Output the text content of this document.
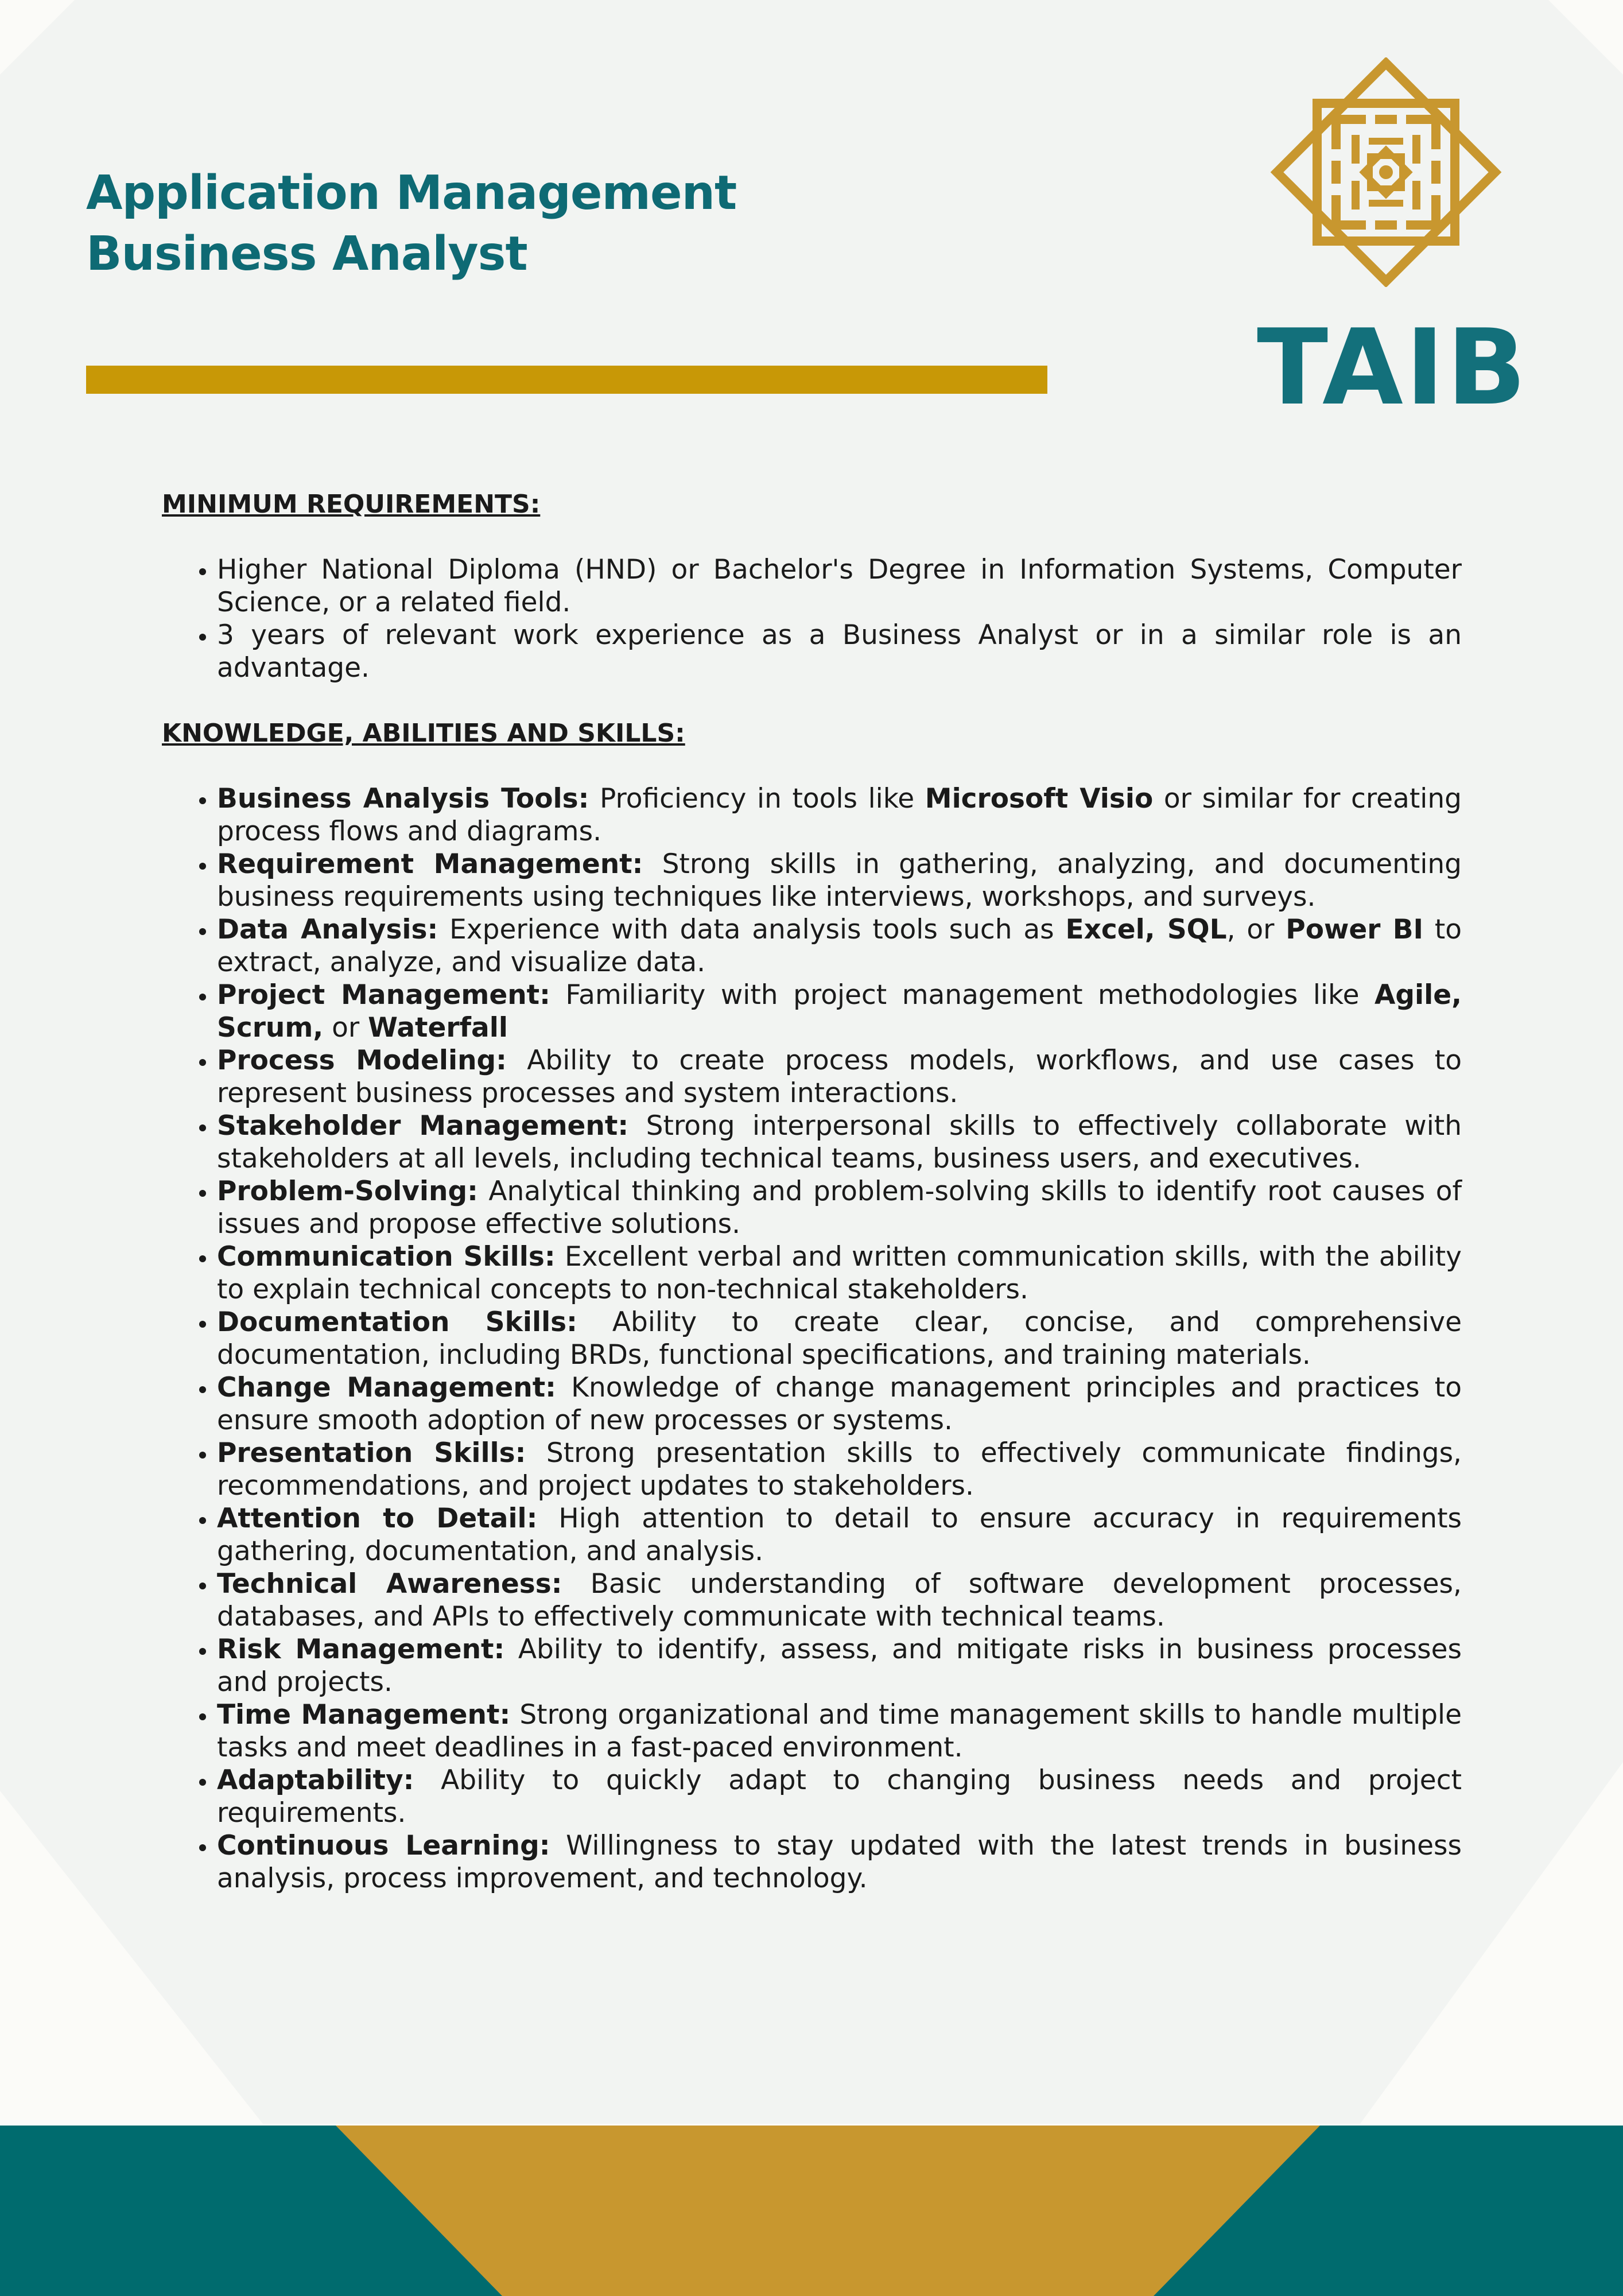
Application Management
Business Analyst
TAIB

MINIMUM REQUIREMENTS:

• Higher National Diploma (HND) or Bachelor's Degree in Information Systems, Computer Science, or a related field.
• 3 years of relevant work experience as a Business Analyst or in a similar role is an advantage.

KNOWLEDGE, ABILITIES AND SKILLS:

• Business Analysis Tools: Proficiency in tools like Microsoft Visio or similar for creating process flows and diagrams.
• Requirement Management: Strong skills in gathering, analyzing, and documenting business requirements using techniques like interviews, workshops, and surveys.
• Data Analysis: Experience with data analysis tools such as Excel, SQL, or Power BI to extract, analyze, and visualize data.
• Project Management: Familiarity with project management methodologies like Agile, Scrum, or Waterfall
• Process Modeling: Ability to create process models, workflows, and use cases to represent business processes and system interactions.
• Stakeholder Management: Strong interpersonal skills to effectively collaborate with stakeholders at all levels, including technical teams, business users, and executives.
• Problem-Solving: Analytical thinking and problem-solving skills to identify root causes of issues and propose effective solutions.
• Communication Skills: Excellent verbal and written communication skills, with the ability to explain technical concepts to non-technical stakeholders.
• Documentation Skills: Ability to create clear, concise, and comprehensive documentation, including BRDs, functional specifications, and training materials.
• Change Management: Knowledge of change management principles and practices to ensure smooth adoption of new processes or systems.
• Presentation Skills: Strong presentation skills to effectively communicate findings, recommendations, and project updates to stakeholders.
• Attention to Detail: High attention to detail to ensure accuracy in requirements gathering, documentation, and analysis.
• Technical Awareness: Basic understanding of software development processes, databases, and APIs to effectively communicate with technical teams.
• Risk Management: Ability to identify, assess, and mitigate risks in business processes and projects.
• Time Management: Strong organizational and time management skills to handle multiple tasks and meet deadlines in a fast-paced environment.
• Adaptability: Ability to quickly adapt to changing business needs and project requirements.
• Continuous Learning: Willingness to stay updated with the latest trends in business analysis, process improvement, and technology.
